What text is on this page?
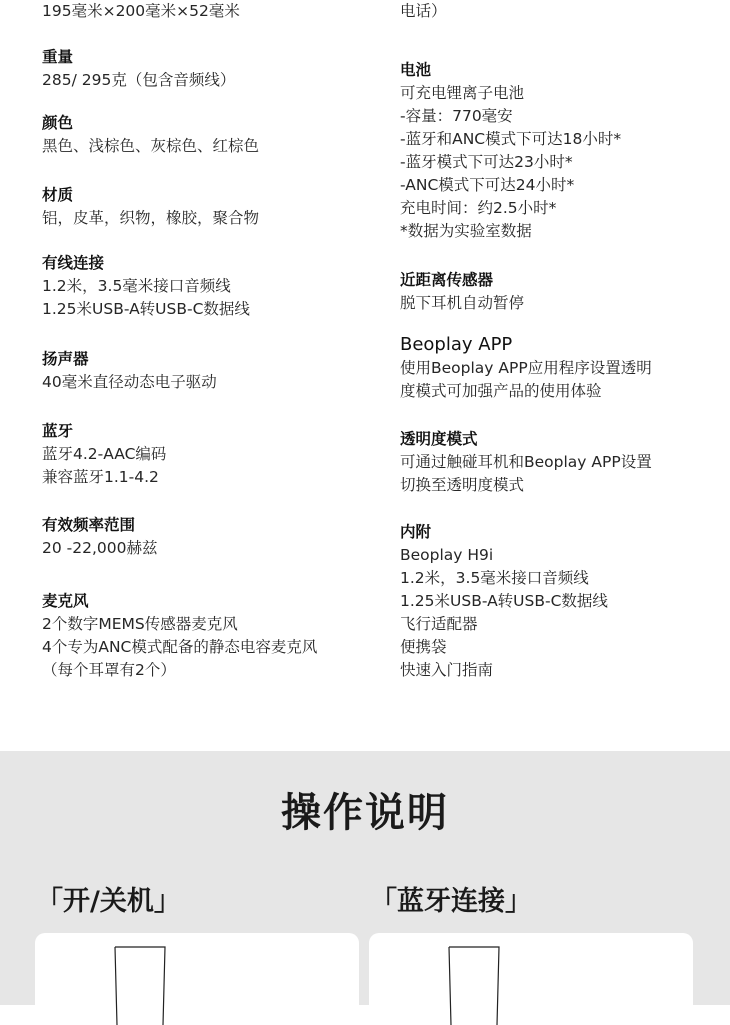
195毫米×200毫米×52毫米
重量
285/ 295克（包含音频线）
颜色
黑色、浅棕色、灰棕色、红棕色
材质
铝，皮革，织物，橡胶，聚合物
有线连接
1.2米，3.5毫米接口音频线
1.25米USB-A转USB-C数据线
扬声器
40毫米直径动态电子驱动
蓝牙
蓝牙4.2-AAC编码
兼容蓝牙1.1-4.2
有效频率范围
20 -22,000赫兹
麦克风
2个数字MEMS传感器麦克风
4个专为ANC模式配备的静态电容麦克风
（每个耳罩有2个）
电话）
电池
可充电锂离子电池
-容量：770毫安
-蓝牙和ANC模式下可达18小时*
-蓝牙模式下可达23小时*
-ANC模式下可达24小时*
充电时间：约2.5小时*
*数据为实验室数据
近距离传感器
脱下耳机自动暂停
Beoplay APP
使用Beoplay APP应用程序设置透明
度模式可加强产品的使用体验
透明度模式
可通过触碰耳机和Beoplay APP设置
切换至透明度模式
内附
Beoplay H9i
1.2米，3.5毫米接口音频线
1.25米USB-A转USB-C数据线
飞行适配器
便携袋
快速入门指南
操作说明
「开/关机」	「蓝牙连接」
